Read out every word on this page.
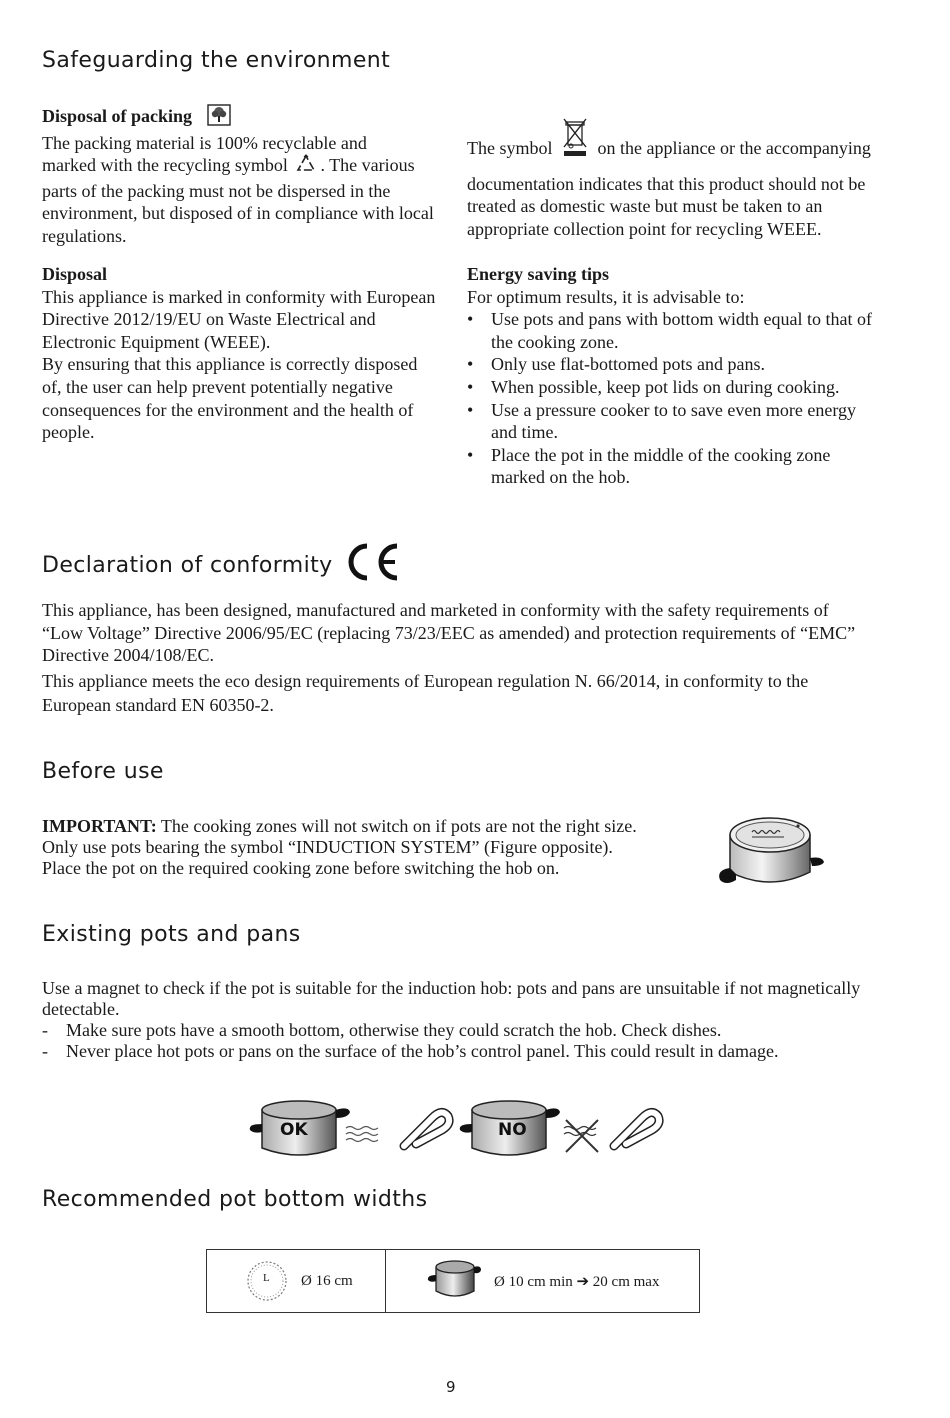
Safeguarding the environment

Disposal of packing

The packing material is 100% recyclable and

marked with the recycling symbol . The various

parts of the packing must not be dispersed in the environment, but disposed of in compliance with local regulations.

Disposal

This appliance is marked in conformity with European Directive 2012/19/EU on Waste Electrical and Electronic Equipment (WEEE).

By ensuring that this appliance is correctly disposed of, the user can help prevent potentially negative consequences for the environment and the health of people.

The symbol	on the appliance or the accompanying documentation indicates that this product should not be treated as domestic waste but must be taken to an appropriate collection point for recycling WEEE.

Energy saving tips

For optimum results, it is advisable to:

• Use pots and pans with bottom width equal to that of the cooking zone.
• Only use flat-bottomed pots and pans.
• When possible, keep pot lids on during cooking.
• Use a pressure cooker to to save even more energy and time.
• Place the pot in the middle of the cooking zone marked on the hob.
Declaration of conformity

This appliance, has been designed, manufactured and marketed in conformity with the safety requirements of “Low Voltage” Directive 2006/95/EC (replacing 73/23/EEC as amended) and protection requirements of “EMC” Directive 2004/108/EC.

This appliance meets the eco design requirements of European regulation N. 66/2014, in conformity to the European standard EN 60350-2.

Before use

IMPORTANT: The cooking zones will not switch on if pots are not the right size.

Only use pots bearing the symbol “INDUCTION SYSTEM” (Figure opposite).

Place the pot on the required cooking zone before switching the hob on.

Existing pots and pans

Use a magnet to check if the pot is suitable for the induction hob: pots and pans are unsuitable if not magnetically detectable.

- Make sure pots have a smooth bottom, otherwise they could scratch the hob. Check dishes.
- Never place hot pots or pans on the surface of the hob’s control panel. This could result in damage.
OK	NO
Recommended pot bottom widths
L Ø 16 cm	Ø 10 cm min ➔ 20 cm max
9
